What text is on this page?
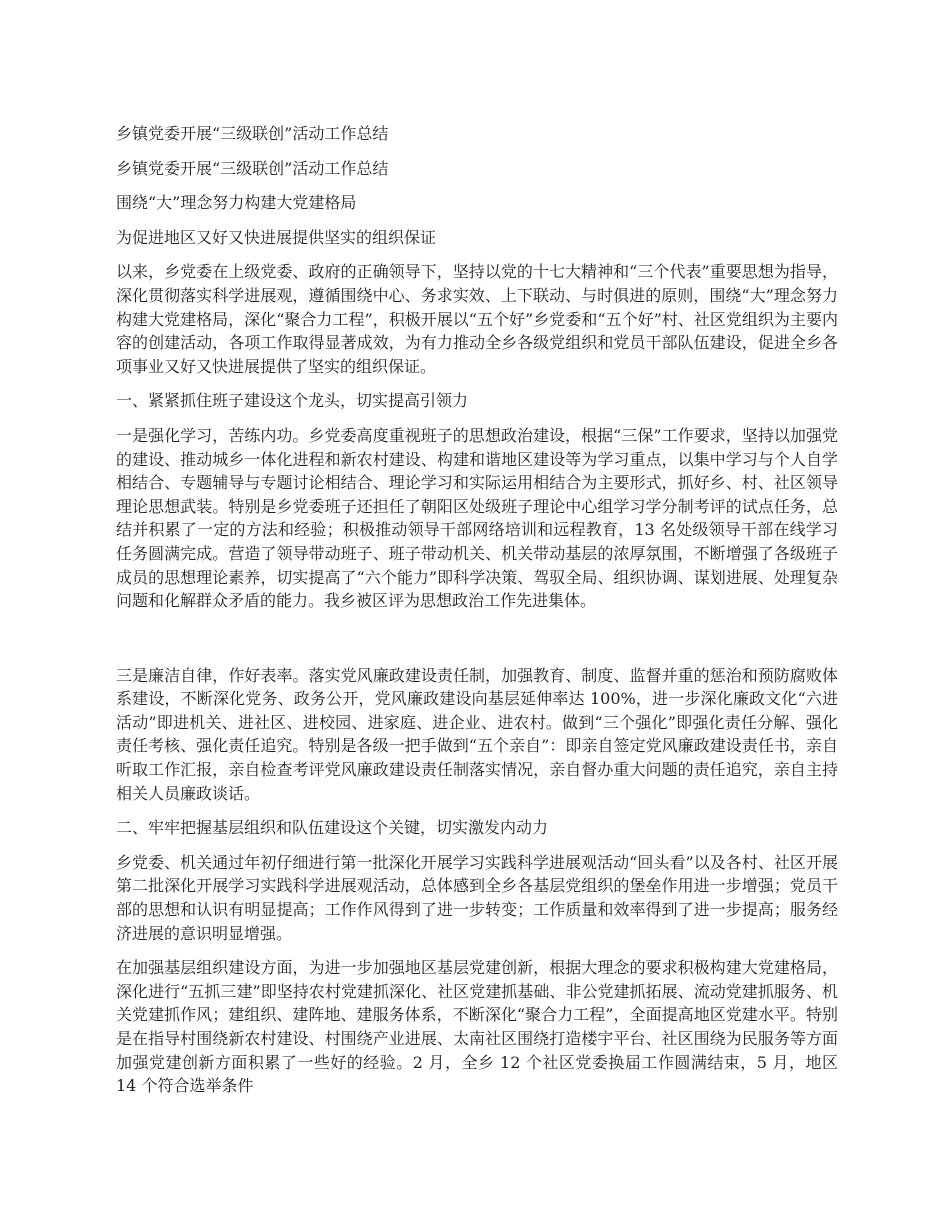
乡镇党委开展“三级联创”活动工作总结

乡镇党委开展“三级联创”活动工作总结

围绕“大”理念努力构建大党建格局

为促进地区又好又快进展提供坚实的组织保证

以来，乡党委在上级党委、政府的正确领导下，坚持以党的十七大精神和“三个代表”重要思想为指导，深化贯彻落实科学进展观，遵循围绕中心、务求实效、上下联动、与时俱进的原则，围绕“大”理念努力构建大党建格局，深化“聚合力工程”，积极开展以“五个好”乡党委和“五个好”村、社区党组织为主要内容的创建活动，各项工作取得显著成效，为有力推动全乡各级党组织和党员干部队伍建设，促进全乡各项事业又好又快进展提供了坚实的组织保证。

一、紧紧抓住班子建设这个龙头，切实提高引领力

一是强化学习，苦练内功。乡党委高度重视班子的思想政治建设，根据“三保”工作要求，坚持以加强党的建设、推动城乡一体化进程和新农村建设、构建和谐地区建设等为学习重点，以集中学习与个人自学相结合、专题辅导与专题讨论相结合、理论学习和实际运用相结合为主要形式，抓好乡、村、社区领导理论思想武装。特别是乡党委班子还担任了朝阳区处级班子理论中心组学习学分制考评的试点任务，总结并积累了一定的方法和经验；积极推动领导干部网络培训和远程教育，13 名处级领导干部在线学习任务圆满完成。营造了领导带动班子、班子带动机关、机关带动基层的浓厚氛围，不断增强了各级班子成员的思想理论素养，切实提高了“六个能力”即科学决策、驾驭全局、组织协调、谋划进展、处理复杂问题和化解群众矛盾的能力。我乡被区评为思想政治工作先进集体。

三是廉洁自律，作好表率。落实党风廉政建设责任制，加强教育、制度、监督并重的惩治和预防腐败体系建设，不断深化党务、政务公开，党风廉政建设向基层延伸率达 100%，进一步深化廉政文化“六进活动”即进机关、进社区、进校园、进家庭、进企业、进农村。做到“三个强化”即强化责任分解、强化责任考核、强化责任追究。特别是各级一把手做到“五个亲自”：即亲自签定党风廉政建设责任书，亲自听取工作汇报，亲自检查考评党风廉政建设责任制落实情况，亲自督办重大问题的责任追究，亲自主持相关人员廉政谈话。

二、牢牢把握基层组织和队伍建设这个关键，切实激发内动力

乡党委、机关通过年初仔细进行第一批深化开展学习实践科学进展观活动“回头看”以及各村、社区开展第二批深化开展学习实践科学进展观活动，总体感到全乡各基层党组织的堡垒作用进一步增强；党员干部的思想和认识有明显提高；工作作风得到了进一步转变；工作质量和效率得到了进一步提高；服务经济进展的意识明显增强。

在加强基层组织建设方面，为进一步加强地区基层党建创新，根据大理念的要求积极构建大党建格局，深化进行“五抓三建”即坚持农村党建抓深化、社区党建抓基础、非公党建抓拓展、流动党建抓服务、机关党建抓作风；建组织、建阵地、建服务体系，不断深化“聚合力工程”，全面提高地区党建水平。特别是在指导村围绕新农村建设、村围绕产业进展、太南社区围绕打造楼宇平台、社区围绕为民服务等方面加强党建创新方面积累了一些好的经验。2 月，全乡 12 个社区党委换届工作圆满结束，5 月，地区 14 个符合选举条件
